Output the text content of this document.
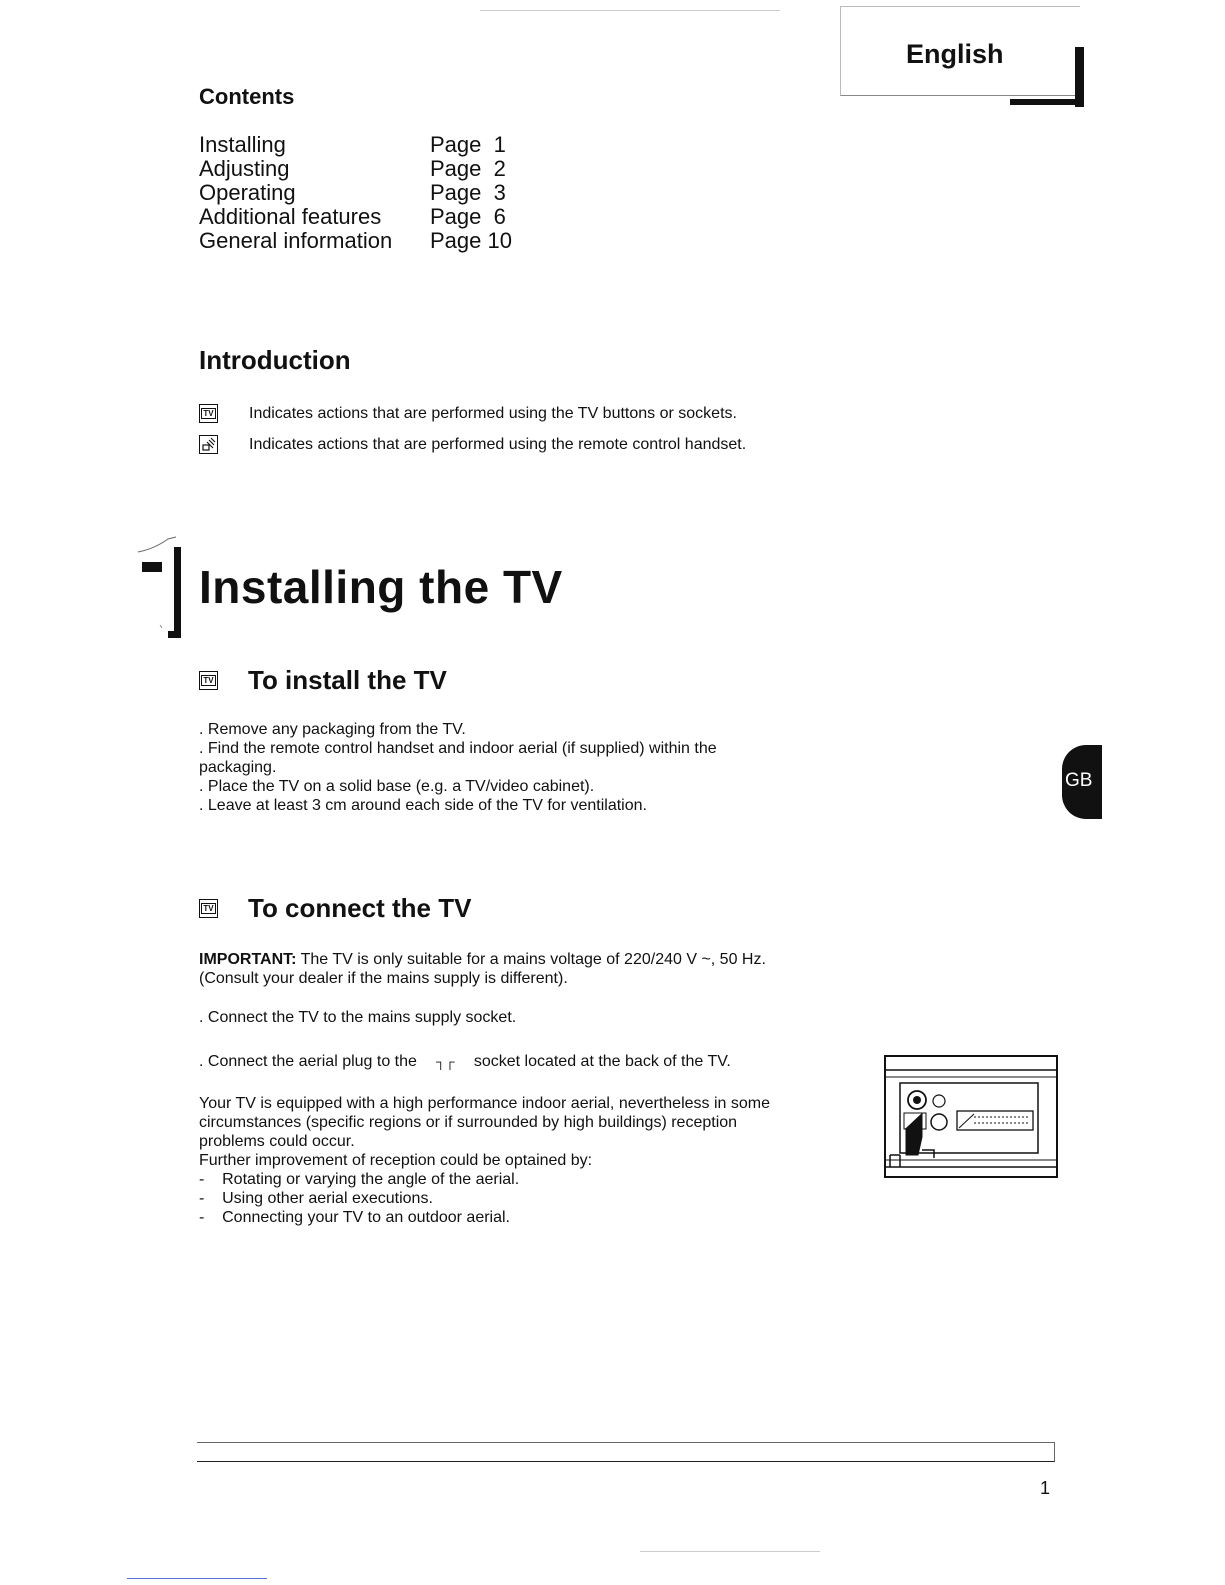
English
Contents
Installing	Page  1
Adjusting	Page  2
Operating	Page  3
Additional features	Page  6
General information	Page 10
Introduction
TV Indicates actions that are performed using the TV buttons or sockets.
Indicates actions that are performed using the remote control handset.
Installing the TV
TV To install the TV

. Remove any packaging from the TV.

. Find the remote control handset and indoor aerial (if supplied) within the

packaging.

. Place the TV on a solid base (e.g. a TV/video cabinet).

. Leave at least 3 cm around each side of the TV for ventilation.

GB
TV To connect the TV

IMPORTANT: The TV is only suitable for a mains voltage of 220/240 V ~, 50 Hz.

(Consult your dealer if the mains supply is different).

. Connect the TV to the mains supply socket.
. Connect the aerial plug to the ┐┌ socket located at the back of the TV.

Your TV is equipped with a high performance indoor aerial, nevertheless in some

circumstances (specific regions or if surrounded by high buildings) reception

problems could occur.

Further improvement of reception could be optained by:

-    Rotating or varying the angle of the aerial.

-    Using other aerial executions.

-    Connecting your TV to an outdoor aerial.

1
